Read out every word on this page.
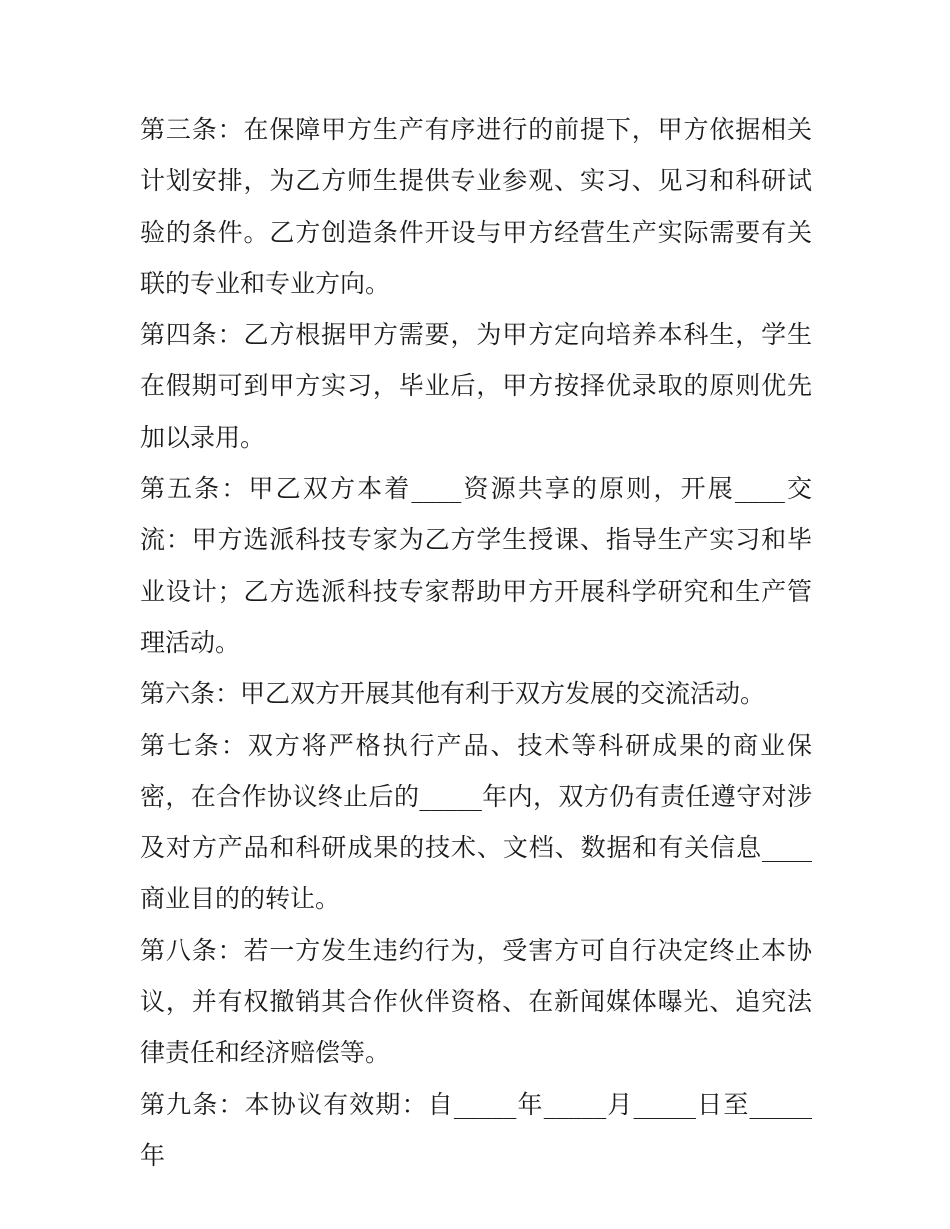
第三条：在保障甲方生产有序进行的前提下，甲方依据相关计划安排，为乙方师生提供专业参观、实习、见习和科研试验的条件。乙方创造条件开设与甲方经营生产实际需要有关联的专业和专业方向。

第四条：乙方根据甲方需要，为甲方定向培养本科生，学生在假期可到甲方实习，毕业后，甲方按择优录取的原则优先加以录用。

第五条：甲乙双方本着____资源共享的原则，开展____交流：甲方选派科技专家为乙方学生授课、指导生产实习和毕业设计；乙方选派科技专家帮助甲方开展科学研究和生产管理活动。

第六条：甲乙双方开展其他有利于双方发展的交流活动。

第七条：双方将严格执行产品、技术等科研成果的商业保密，在合作协议终止后的_____年内，双方仍有责任遵守对涉及对方产品和科研成果的技术、文档、数据和有关信息____商业目的的转让。

第八条：若一方发生违约行为，受害方可自行决定终止本协议，并有权撤销其合作伙伴资格、在新闻媒体曝光、追究法律责任和经济赔偿等。

第九条：本协议有效期：自_____年_____月_____日至_____年
